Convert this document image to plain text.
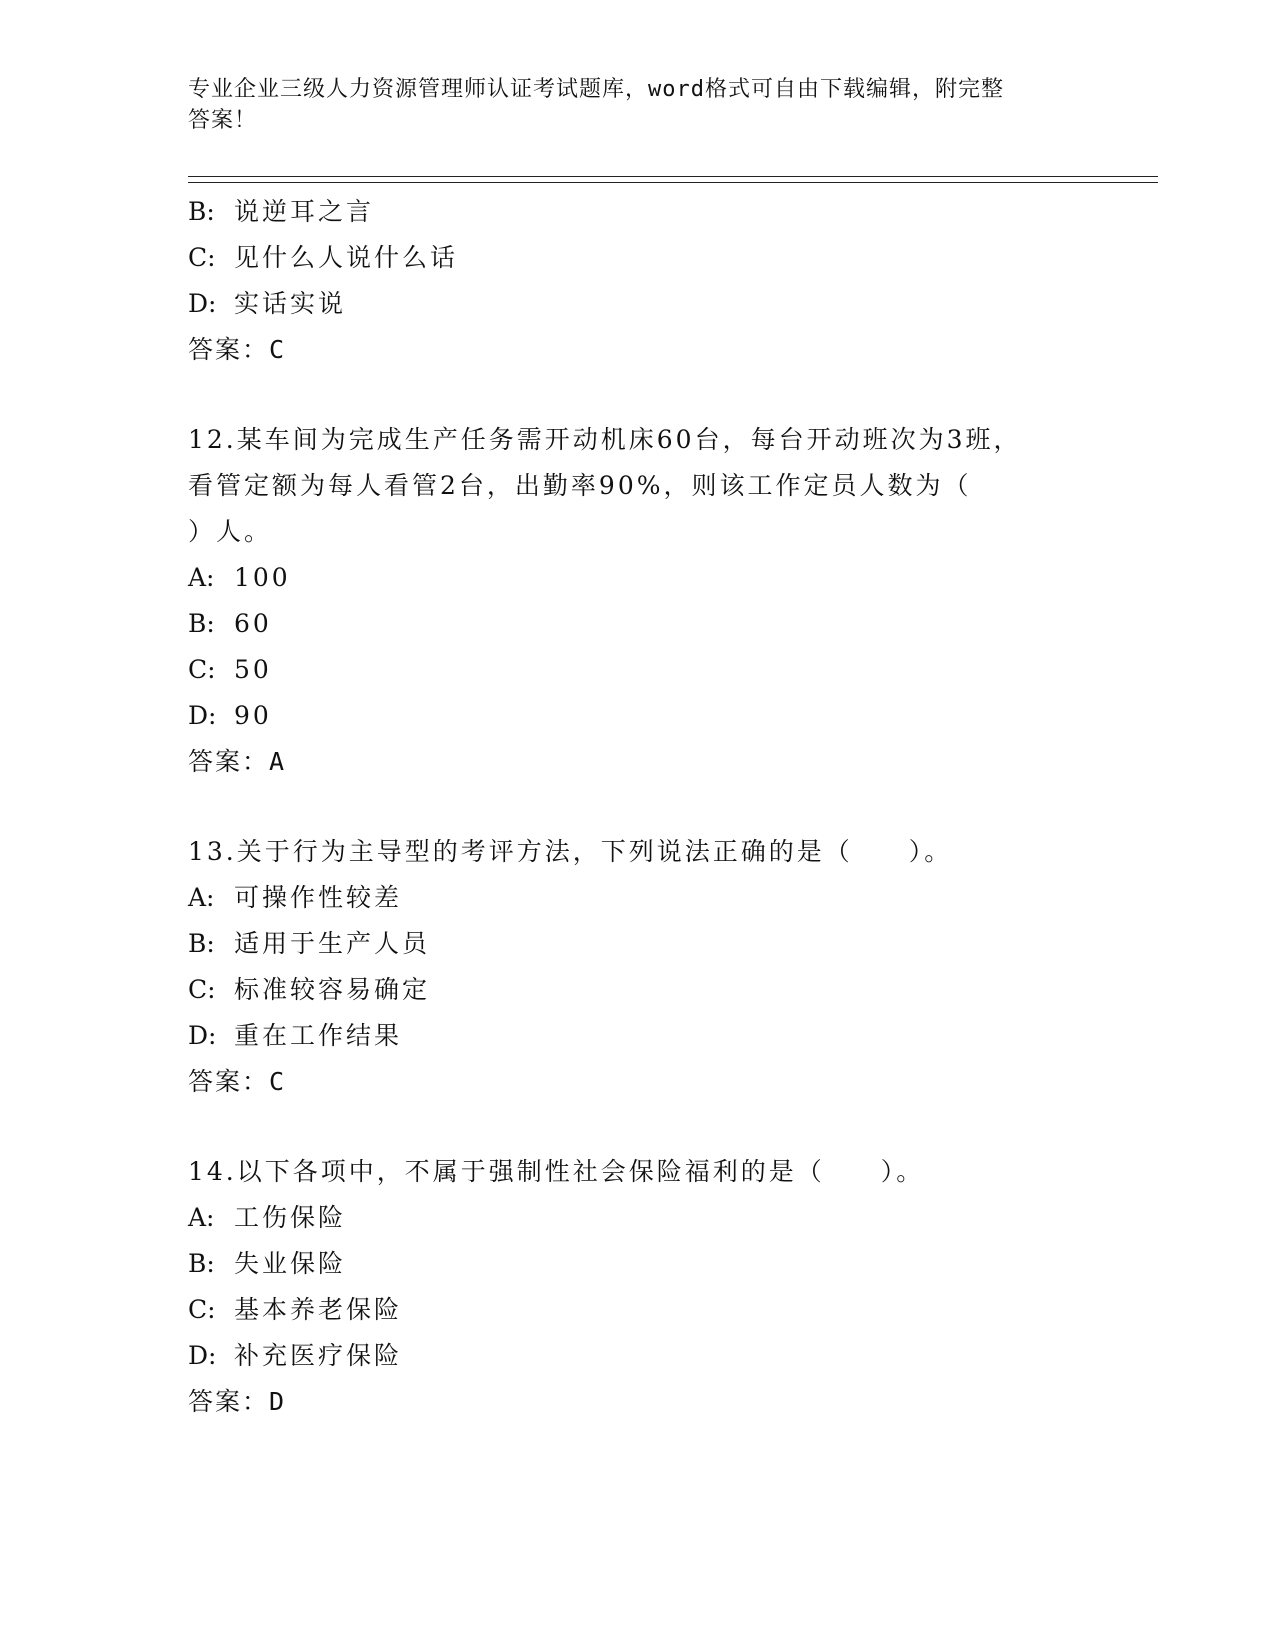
专业企业三级人力资源管理师认证考试题库，word格式可自由下载编辑，附完整
答案！
B: 说逆耳之言
C: 见什么人说什么话
D: 实话实说
答案：C
12.某车间为完成生产任务需开动机床60台，每台开动班次为3班，
看管定额为每人看管2台，出勤率90%，则该工作定员人数为（
）人。
A: 100
B: 60
C: 50
D: 90
答案：A
13.关于行为主导型的考评方法，下列说法正确的是（　　）。
A: 可操作性较差
B: 适用于生产人员
C: 标准较容易确定
D: 重在工作结果
答案：C
14.以下各项中，不属于强制性社会保险福利的是（　　）。
A: 工伤保险
B: 失业保险
C: 基本养老保险
D: 补充医疗保险
答案：D
